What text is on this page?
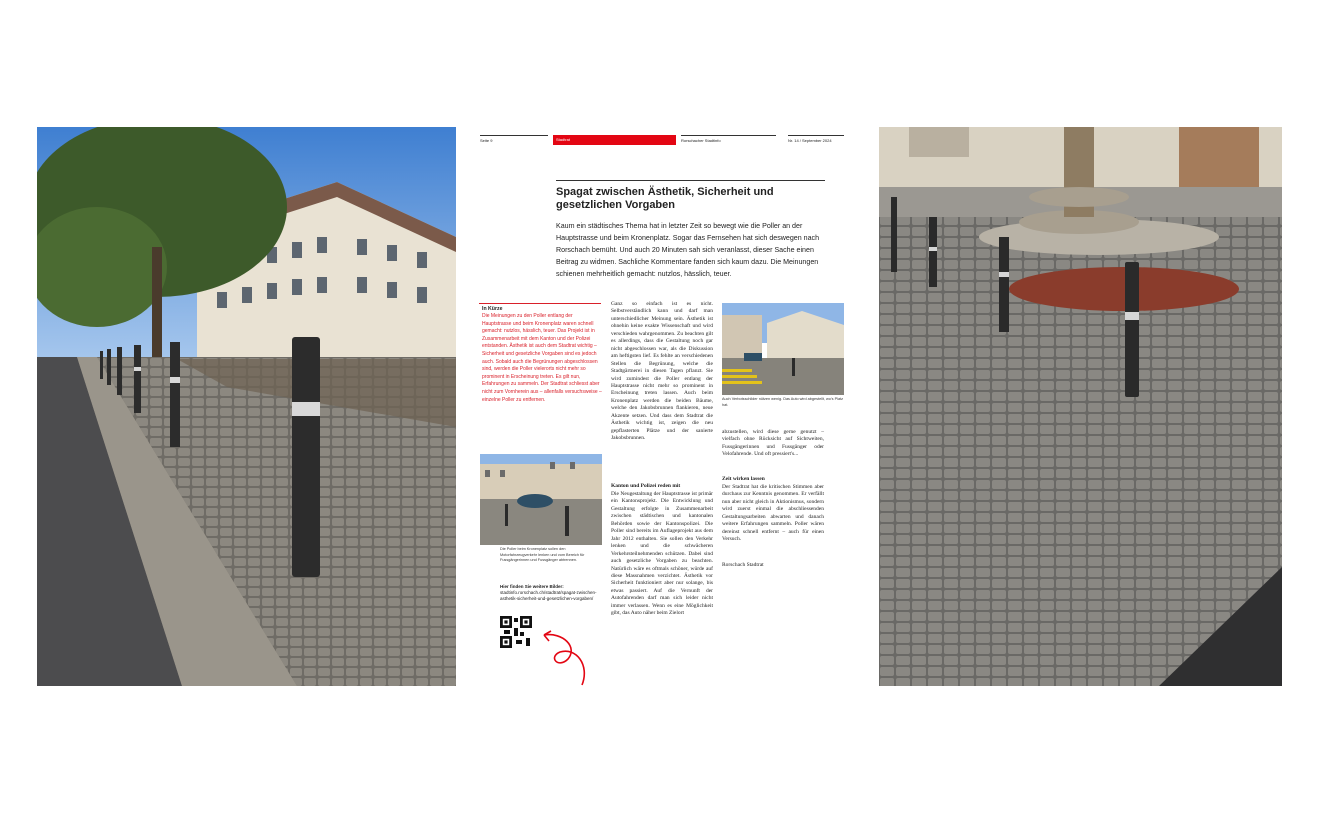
Seite 9	Stadtrat	Rorschacher Stadtinfo	Nr. 14 / September 2024
Spagat zwischen Ästhetik, Sicherheit und gesetzlichen Vorgaben
Kaum ein städtisches Thema hat in letzter Zeit so bewegt wie die Poller an der Hauptstrasse und beim Kronenplatz. Sogar das Fernsehen hat sich deswegen nach Rorschach bemüht. Und auch 20 Minuten sah sich veranlasst, dieser Sache einen Beitrag zu widmen. Sachliche Kommentare fanden sich kaum dazu. Die Meinungen schienen mehrheitlich gemacht: nutzlos, hässlich, teuer.
In Kürze
Die Meinungen zu den Poller entlang der Hauptstrasse und beim Kronenplatz waren schnell gemacht: nutzlos, hässlich, teuer. Das Projekt ist in Zusammenarbeit mit dem Kanton und der Polizei entstanden. Ästhetik ist auch dem Stadtrat wichtig – Sicherheit und gesetzliche Vorgaben sind es jedoch auch. Sobald auch die Begrünungen abgeschlossen sind, werden die Poller vielerorts nicht mehr so prominent in Erscheinung treten. Es gilt nun, Erfahrungen zu sammeln. Der Stadtrat schliesst aber nicht zum Vornherein aus – allenfalls versuchsweise – einzelne Poller zu entfernen.
Die Poller beim Kronenplatz sollen den Motorfahrzeugverkehr lenken und vom Bereich für Fussgängerinnen und Fussgänger abtrennen.
Hier finden Sie weitere Bilder:
stadtinfo.rorschach.ch/stadtrat/spagat-zwischen-asthetik-sicherheit-und-gesetzlichen-vorgaben/
Ganz so einfach ist es nicht. Selbstverständlich kann und darf man unterschiedlicher Meinung sein. Ästhetik ist ohnehin keine exakte Wissenschaft und wird verschieden wahrgenommen. Zu beachten gilt es allerdings, dass die Gestaltung noch gar nicht abgeschlossen war, als die Diskussion am heftigsten lief. Es fehlte an verschiedenen Stellen die Begrünung, welche die Stadtgärtnerei in diesen Tagen pflanzt. Sie wird zumindest die Poller entlang der Hauptstrasse nicht mehr so prominent in Erscheinung treten lassen. Auch beim Kronenplatz werden die beiden Bäume, welche den Jakobsbrunnen flankieren, neue Akzente setzen. Und dass dem Stadtrat die Ästhetik wichtig ist, zeigen die neu gepflasterten Plätze und der sanierte Jakobsbrunnen.
Kanton und Polizei reden mit
Die Neugestaltung der Hauptstrasse ist primär ein Kantonsprojekt. Die Entwicklung und Gestaltung erfolgte in Zusammenarbeit zwischen städtischen und kantonalen Behörden sowie der Kantonspolizei. Die Poller sind bereits im Auflageprojekt aus dem Jahr 2012 enthalten. Sie sollen den Verkehr lenken und die schwächeren Verkehrsteilnehmenden schützen. Dabei sind auch gesetzliche Vorgaben zu beachten. Natürlich wäre es oftmals schöner, würde auf diese Massnahmen verzichtet. Ästhetik vor Sicherheit funktioniert aber nur solange, bis etwas passiert. Auf die Vernunft der Autofahrenden darf man sich leider nicht immer verlassen. Wenn es eine Möglichkeit gibt, das Auto näher beim Zielort
Auch Verbotsschilder nützen wenig. Das Auto wird abgestellt, wo's Platz hat.
abzustellen, wird diese gerne genutzt – vielfach ohne Rücksicht auf Sichtweiten, Fussgängerinnen und Fussgänger oder Velofahrende. Und oft pressiert's...
Zeit wirken lassen
Der Stadtrat hat die kritischen Stimmen aber durchaus zur Kenntnis genommen. Er verfällt nun aber nicht gleich in Aktionismus, sondern wird zuerst einmal die abschliessenden Gestaltungsarbeiten abwarten und danach weitere Erfahrungen sammeln. Poller wären dereinst schnell entfernt – auch für einen Versuch.
Rorschach Stadtrat
